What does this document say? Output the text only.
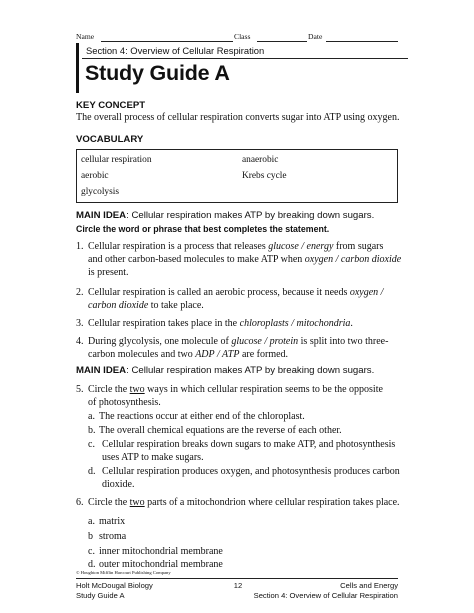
Name	Class	Date
Section 4: Overview of Cellular Respiration
Study Guide A
KEY CONCEPT
The overall process of cellular respiration converts sugar into ATP using oxygen.
VOCABULARY
cellular respiration	anaerobic
aerobic	Krebs cycle
glycolysis
MAIN IDEA: Cellular respiration makes ATP by breaking down sugars.
Circle the word or phrase that best completes the statement.
1. Cellular respiration is a process that releases glucose / energy from sugars
and other carbon-based molecules to make ATP when oxygen / carbon dioxide
is present.
2. Cellular respiration is called an aerobic process, because it needs oxygen /
carbon dioxide to take place.
3. Cellular respiration takes place in the chloroplasts / mitochondria.
4. During glycolysis, one molecule of glucose / protein is split into two three-
carbon molecules and two ADP / ATP are formed.
MAIN IDEA: Cellular respiration makes ATP by breaking down sugars.
5. Circle the two ways in which cellular respiration seems to be the opposite
of photosynthesis.
a. The reactions occur at either end of the chloroplast.
b. The overall chemical equations are the reverse of each other.
c. Cellular respiration breaks down sugars to make ATP, and photosynthesis
uses ATP to make sugars.
d. Cellular respiration produces oxygen, and photosynthesis produces carbon
dioxide.
6. Circle the two parts of a mitochondrion where cellular respiration takes place.
a. matrix
b stroma
c. inner mitochondrial membrane
d. outer mitochondrial membrane
© Houghton Mifflin Harcourt Publishing Company
Holt McDougal Biology
Study Guide A
12	Cells and Energy
Section 4: Overview of Cellular Respiration
